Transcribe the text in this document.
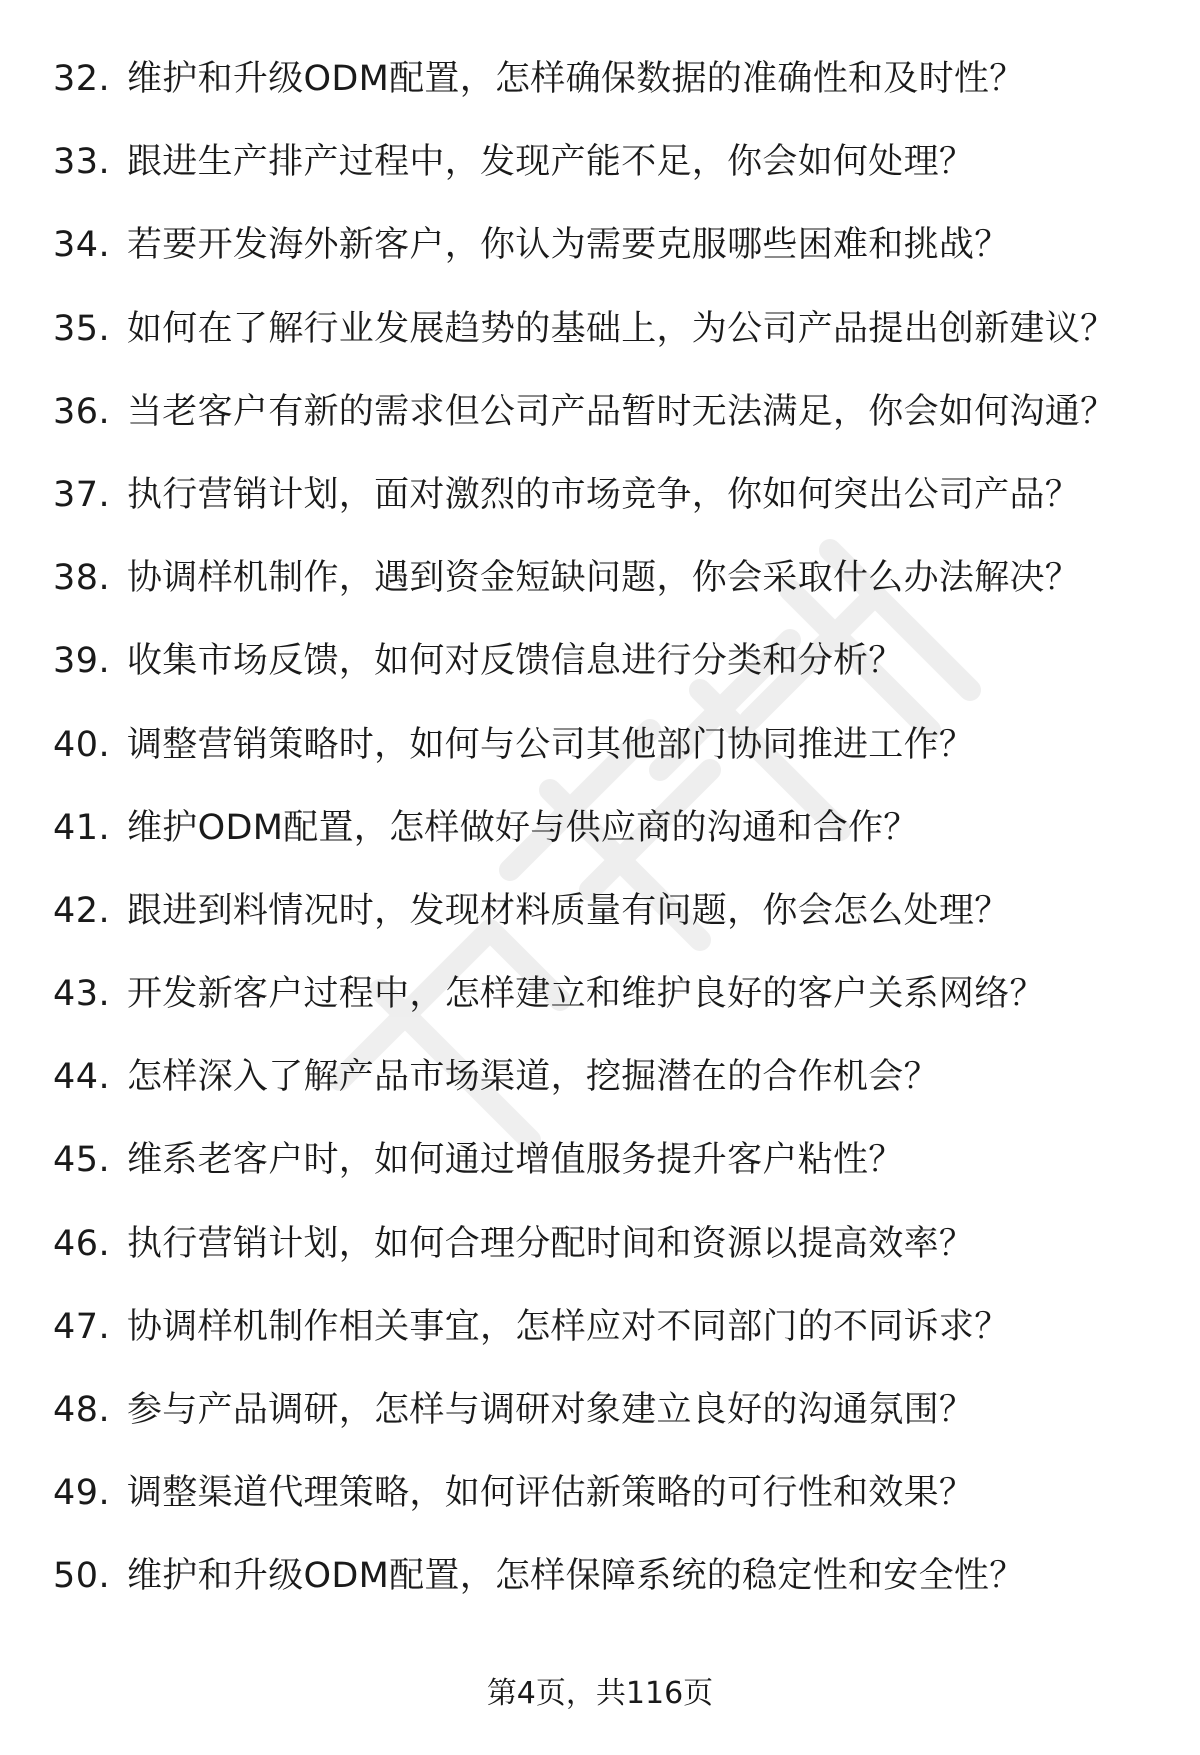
32. 维护和升级ODM配置，怎样确保数据的准确性和及时性？
33. 跟进生产排产过程中，发现产能不足，你会如何处理？
34. 若要开发海外新客户，你认为需要克服哪些困难和挑战？
35. 如何在了解行业发展趋势的基础上，为公司产品提出创新建议？
36. 当老客户有新的需求但公司产品暂时无法满足，你会如何沟通？
37. 执行营销计划，面对激烈的市场竞争，你如何突出公司产品？
38. 协调样机制作，遇到资金短缺问题，你会采取什么办法解决？
39. 收集市场反馈，如何对反馈信息进行分类和分析？
40. 调整营销策略时，如何与公司其他部门协同推进工作？
41. 维护ODM配置，怎样做好与供应商的沟通和合作？
42. 跟进到料情况时，发现材料质量有问题，你会怎么处理？
43. 开发新客户过程中，怎样建立和维护良好的客户关系网络？
44. 怎样深入了解产品市场渠道，挖掘潜在的合作机会？
45. 维系老客户时，如何通过增值服务提升客户粘性？
46. 执行营销计划，如何合理分配时间和资源以提高效率？
47. 协调样机制作相关事宜，怎样应对不同部门的不同诉求？
48. 参与产品调研，怎样与调研对象建立良好的沟通氛围？
49. 调整渠道代理策略，如何评估新策略的可行性和效果？
50. 维护和升级ODM配置，怎样保障系统的稳定性和安全性？
第4页，共116页
